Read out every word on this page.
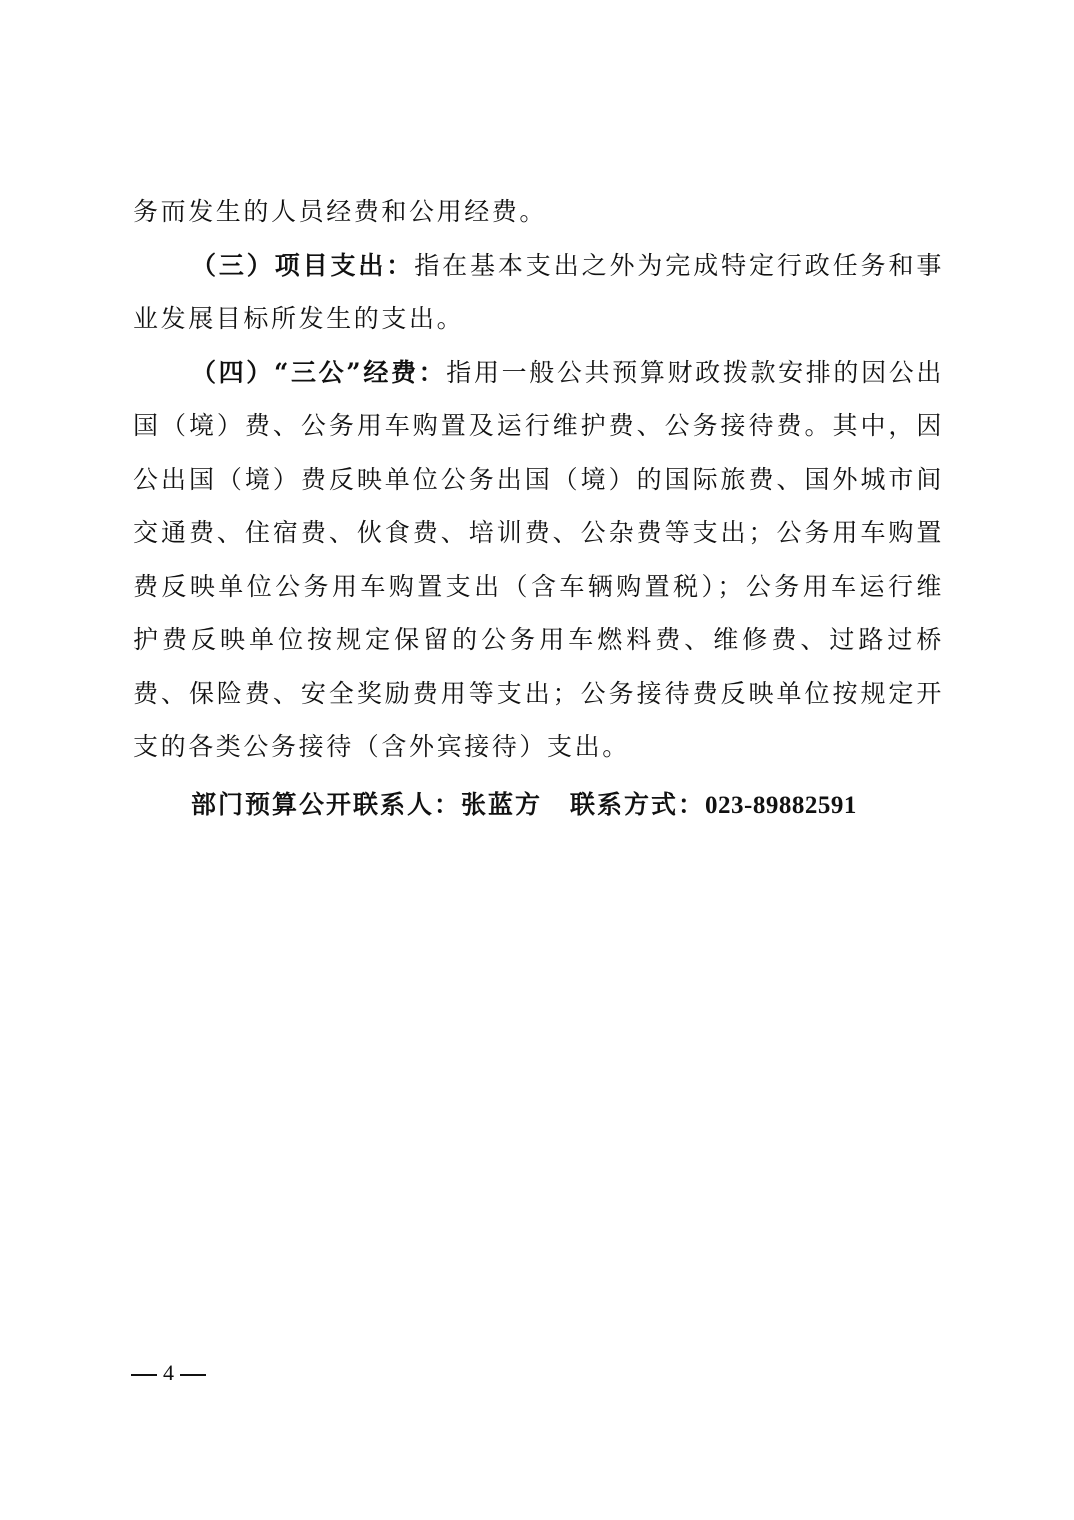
务而发生的人员经费和公用经费。

（三）项目支出：指在基本支出之外为完成特定行政任务和事业发展目标所发生的支出。

（四）“三公”经费：指用一般公共预算财政拨款安排的因公出国（境）费、公务用车购置及运行维护费、公务接待费。其中，因公出国（境）费反映单位公务出国（境）的国际旅费、国外城市间交通费、住宿费、伙食费、培训费、公杂费等支出；公务用车购置费反映单位公务用车购置支出（含车辆购置税）；公务用车运行维护费反映单位按规定保留的公务用车燃料费、维修费、过路过桥费、保险费、安全奖励费用等支出；公务接待费反映单位按规定开支的各类公务接待（含外宾接待）支出。

部门预算公开联系人：张蓝方 联系方式：023-89882591
4
